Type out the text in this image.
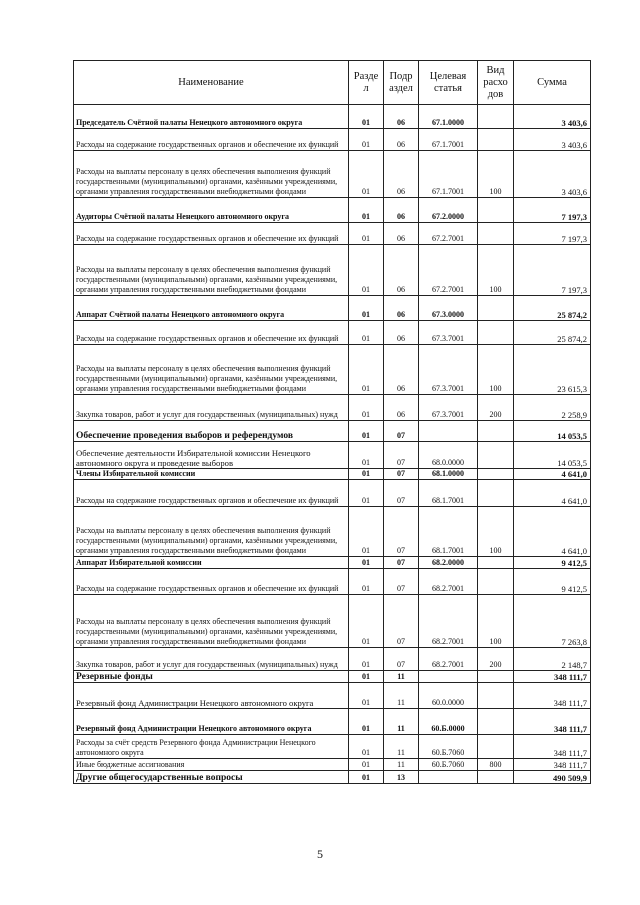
Наименование	Разде л	Подр аздел	Целевая статья	Вид расхо дов	Сумма
Председатель Счётной палаты Ненецкого автономного округа	01	06	67.1.0000		3 403,6
Расходы на содержание государственных органов и обеспечение их функций	01	06	67.1.7001		3 403,6
Расходы на выплаты персоналу в целях обеспечения выполнения функций государственными (муниципальными) органами, казёнными учреждениями, органами управления государственными внебюджетными фондами	01	06	67.1.7001	100	3 403,6
Аудиторы Счётной палаты Ненецкого автономного округа	01	06	67.2.0000		7 197,3
Расходы на содержание государственных органов и обеспечение их функций	01	06	67.2.7001		7 197,3
Расходы на выплаты персоналу в целях обеспечения выполнения функций государственными (муниципальными) органами, казёнными учреждениями, органами управления государственными внебюджетными фондами	01	06	67.2.7001	100	7 197,3
Аппарат Счётной палаты Ненецкого автономного округа	01	06	67.3.0000		25 874,2
Расходы на содержание государственных органов и обеспечение их функций	01	06	67.3.7001		25 874,2
Расходы на выплаты персоналу в целях обеспечения выполнения функций государственными (муниципальными) органами, казёнными учреждениями, органами управления государственными внебюджетными фондами	01	06	67.3.7001	100	23 615,3
Закупка товаров, работ и услуг для государственных (муниципальных) нужд	01	06	67.3.7001	200	2 258,9
Обеспечение проведения выборов и референдумов	01	07			14 053,5
Обеспечение деятельности Избирательной комиссии Ненецкого автономного округа и проведение выборов	01	07	68.0.0000		14 053,5
Члены Избирательной комиссии	01	07	68.1.0000		4 641,0
Расходы на содержание государственных органов и обеспечение их функций	01	07	68.1.7001		4 641,0
Расходы на выплаты персоналу в целях обеспечения выполнения функций государственными (муниципальными) органами, казёнными учреждениями, органами управления государственными внебюджетными фондами	01	07	68.1.7001	100	4 641,0
Аппарат Избирательной комиссии	01	07	68.2.0000		9 412,5
Расходы на содержание государственных органов и обеспечение их функций	01	07	68.2.7001		9 412,5
Расходы на выплаты персоналу в целях обеспечения выполнения функций государственными (муниципальными) органами, казёнными учреждениями, органами управления государственными внебюджетными фондами	01	07	68.2.7001	100	7 263,8
Закупка товаров, работ и услуг для государственных (муниципальных) нужд	01	07	68.2.7001	200	2 148,7
Резервные фонды	01	11			348 111,7
Резервный фонд Администрации Ненецкого автономного округа	01	11	60.0.0000		348 111,7
Резервный фонд Администрации Ненецкого автономного округа	01	11	60.Б.0000		348 111,7
Расходы за счёт средств Резервного фонда Администрации Ненецкого автономного округа	01	11	60.Б.7060		348 111,7
Иные бюджетные ассигнования	01	11	60.Б.7060	800	348 111,7
Другие общегосударственные вопросы	01	13			490 509,9
5
